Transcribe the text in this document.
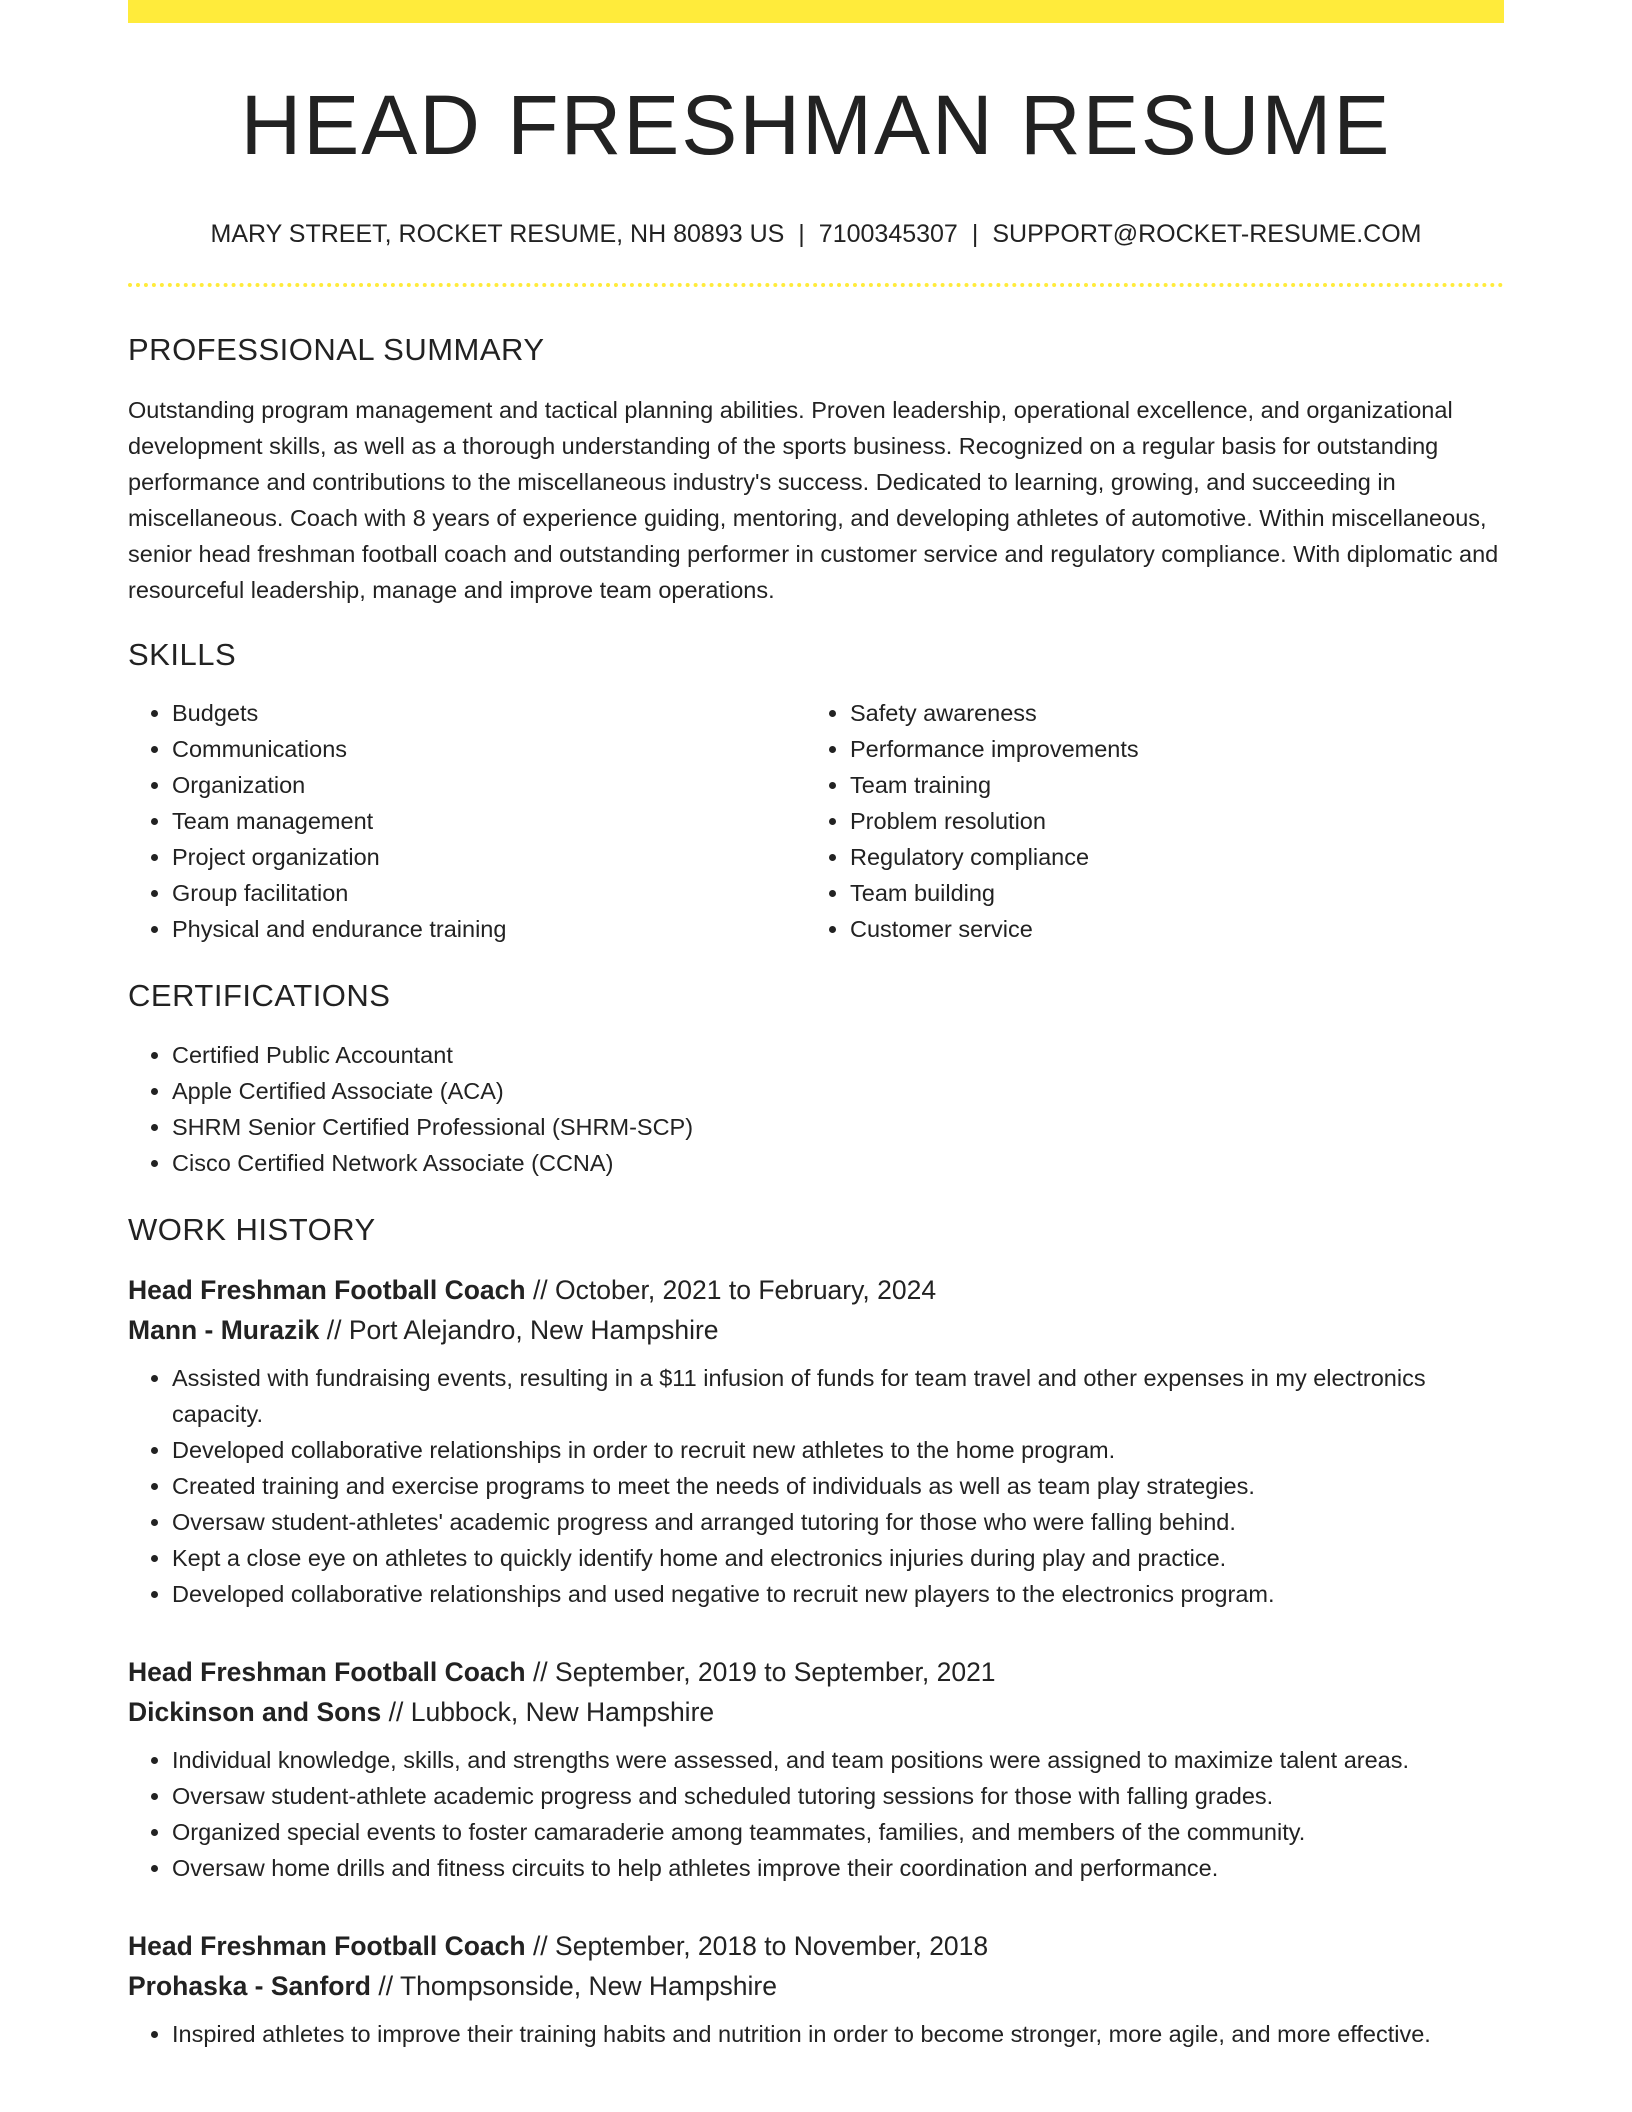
HEAD FRESHMAN RESUME
MARY STREET, ROCKET RESUME, NH 80893 US | 7100345307 | SUPPORT@ROCKET-RESUME.COM
PROFESSIONAL SUMMARY

Outstanding program management and tactical planning abilities. Proven leadership, operational excellence, and organizational development skills, as well as a thorough understanding of the sports business. Recognized on a regular basis for outstanding performance and contributions to the miscellaneous industry's success. Dedicated to learning, growing, and succeeding in miscellaneous. Coach with 8 years of experience guiding, mentoring, and developing athletes of automotive. Within miscellaneous, senior head freshman football coach and outstanding performer in customer service and regulatory compliance. With diplomatic and resourceful leadership, manage and improve team operations.

SKILLS
• Budgets
• Communications
• Organization
• Team management
• Project organization
• Group facilitation
• Physical and endurance training
• Safety awareness
• Performance improvements
• Team training
• Problem resolution
• Regulatory compliance
• Team building
• Customer service
CERTIFICATIONS
• Certified Public Accountant
• Apple Certified Associate (ACA)
• SHRM Senior Certified Professional (SHRM-SCP)
• Cisco Certified Network Associate (CCNA)
WORK HISTORY
Head Freshman Football Coach // October, 2021 to February, 2024
Mann - Murazik // Port Alejandro, New Hampshire
• Assisted with fundraising events, resulting in a $11 infusion of funds for team travel and other expenses in my electronics capacity.
• Developed collaborative relationships in order to recruit new athletes to the home program.
• Created training and exercise programs to meet the needs of individuals as well as team play strategies.
• Oversaw student-athletes' academic progress and arranged tutoring for those who were falling behind.
• Kept a close eye on athletes to quickly identify home and electronics injuries during play and practice.
• Developed collaborative relationships and used negative to recruit new players to the electronics program.
Head Freshman Football Coach // September, 2019 to September, 2021
Dickinson and Sons // Lubbock, New Hampshire
• Individual knowledge, skills, and strengths were assessed, and team positions were assigned to maximize talent areas.
• Oversaw student-athlete academic progress and scheduled tutoring sessions for those with falling grades.
• Organized special events to foster camaraderie among teammates, families, and members of the community.
• Oversaw home drills and fitness circuits to help athletes improve their coordination and performance.
Head Freshman Football Coach // September, 2018 to November, 2018
Prohaska - Sanford // Thompsonside, New Hampshire
• Inspired athletes to improve their training habits and nutrition in order to become stronger, more agile, and more effective.
